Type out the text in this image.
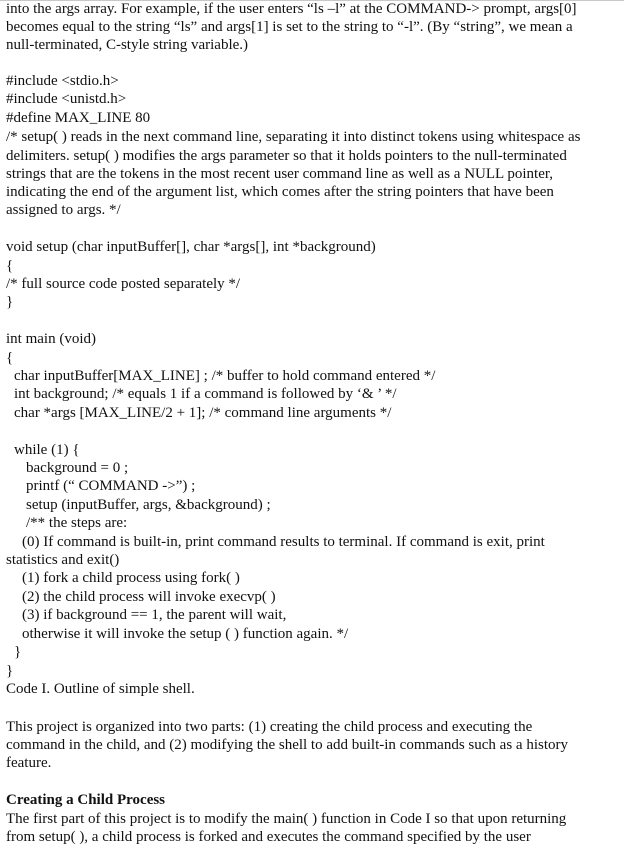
into the args array. For example, if the user enters “ls –l” at the COMMAND-> prompt, args[0]
becomes equal to the string “ls” and args[1] is set to the string to “-l”. (By “string”, we mean a
null-terminated, C-style string variable.)
#include <stdio.h>
#include <unistd.h>
#define MAX_LINE 80
/* setup( ) reads in the next command line, separating it into distinct tokens using whitespace as
delimiters. setup( ) modifies the args parameter so that it holds pointers to the null-terminated
strings that are the tokens in the most recent user command line as well as a NULL pointer,
indicating the end of the argument list, which comes after the string pointers that have been
assigned to args. */
void setup (char inputBuffer[], char *args[], int *background)
{
/* full source code posted separately */
}
int main (void)
{
char inputBuffer[MAX_LINE] ; /* buffer to hold command entered */
int background; /* equals 1 if a command is followed by ‘& ’ */
char *args [MAX_LINE/2 + 1]; /* command line arguments */
while (1) {
background = 0 ;
printf (“ COMMAND ->”) ;
setup (inputBuffer, args, &background) ;
/** the steps are:
(0) If command is built-in, print command results to terminal. If command is exit, print
statistics and exit()
(1) fork a child process using fork( )
(2) the child process will invoke execvp( )
(3) if background == 1, the parent will wait,
otherwise it will invoke the setup ( ) function again. */
}
}
Code I. Outline of simple shell.
This project is organized into two parts: (1) creating the child process and executing the
command in the child, and (2) modifying the shell to add built-in commands such as a history
feature.
Creating a Child Process
The first part of this project is to modify the main( ) function in Code I so that upon returning
from setup( ), a child process is forked and executes the command specified by the user
